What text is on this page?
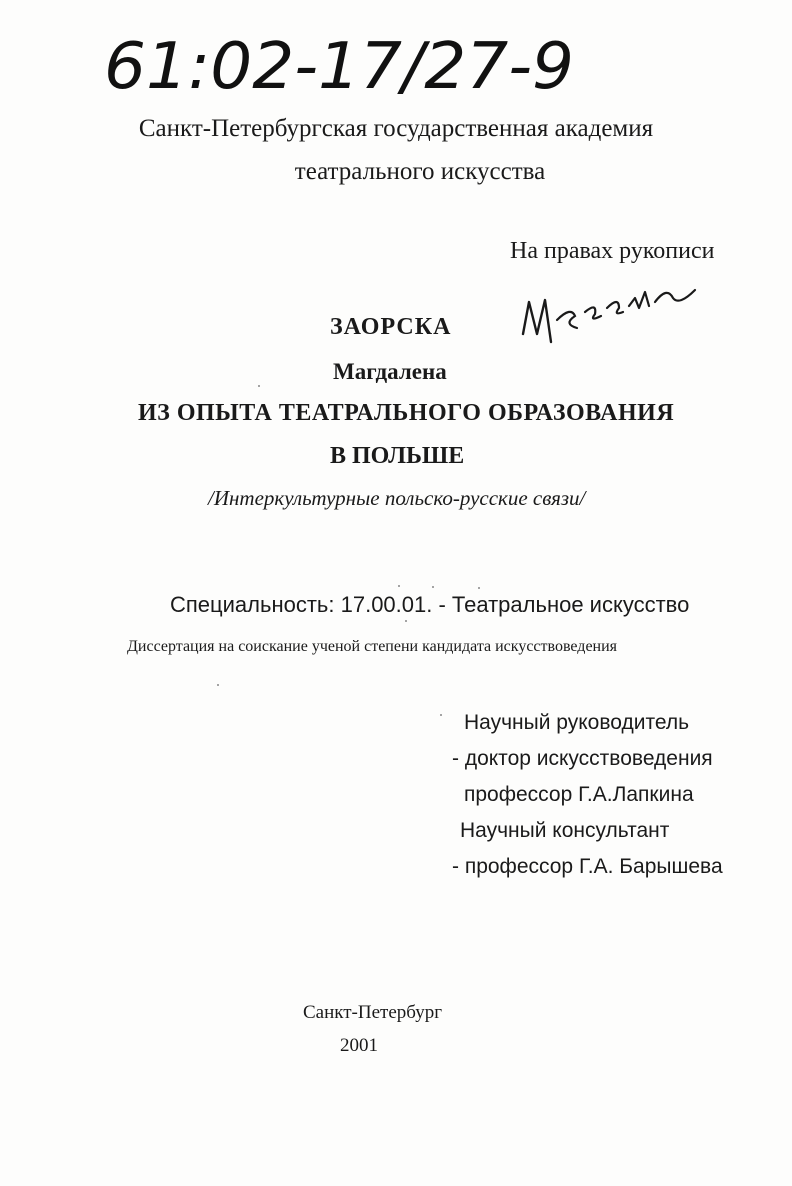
61:02-17/27-9
Санкт-Петербургская государственная академия
театрального искусства
На правах рукописи
ЗАОРСКА
Магдалена
ИЗ ОПЫТА ТЕАТРАЛЬНОГО ОБРАЗОВАНИЯ
В ПОЛЬШЕ
/Интеркультурные польско-русские связи/
Специальность: 17.00.01. - Театральное искусство
Диссертация на соискание ученой степени кандидата искусствоведения
Научный руководитель
- доктор искусствоведения
профессор Г.А.Лапкина
Научный консультант
- профессор Г.А. Барышева
Санкт-Петербург
2001
